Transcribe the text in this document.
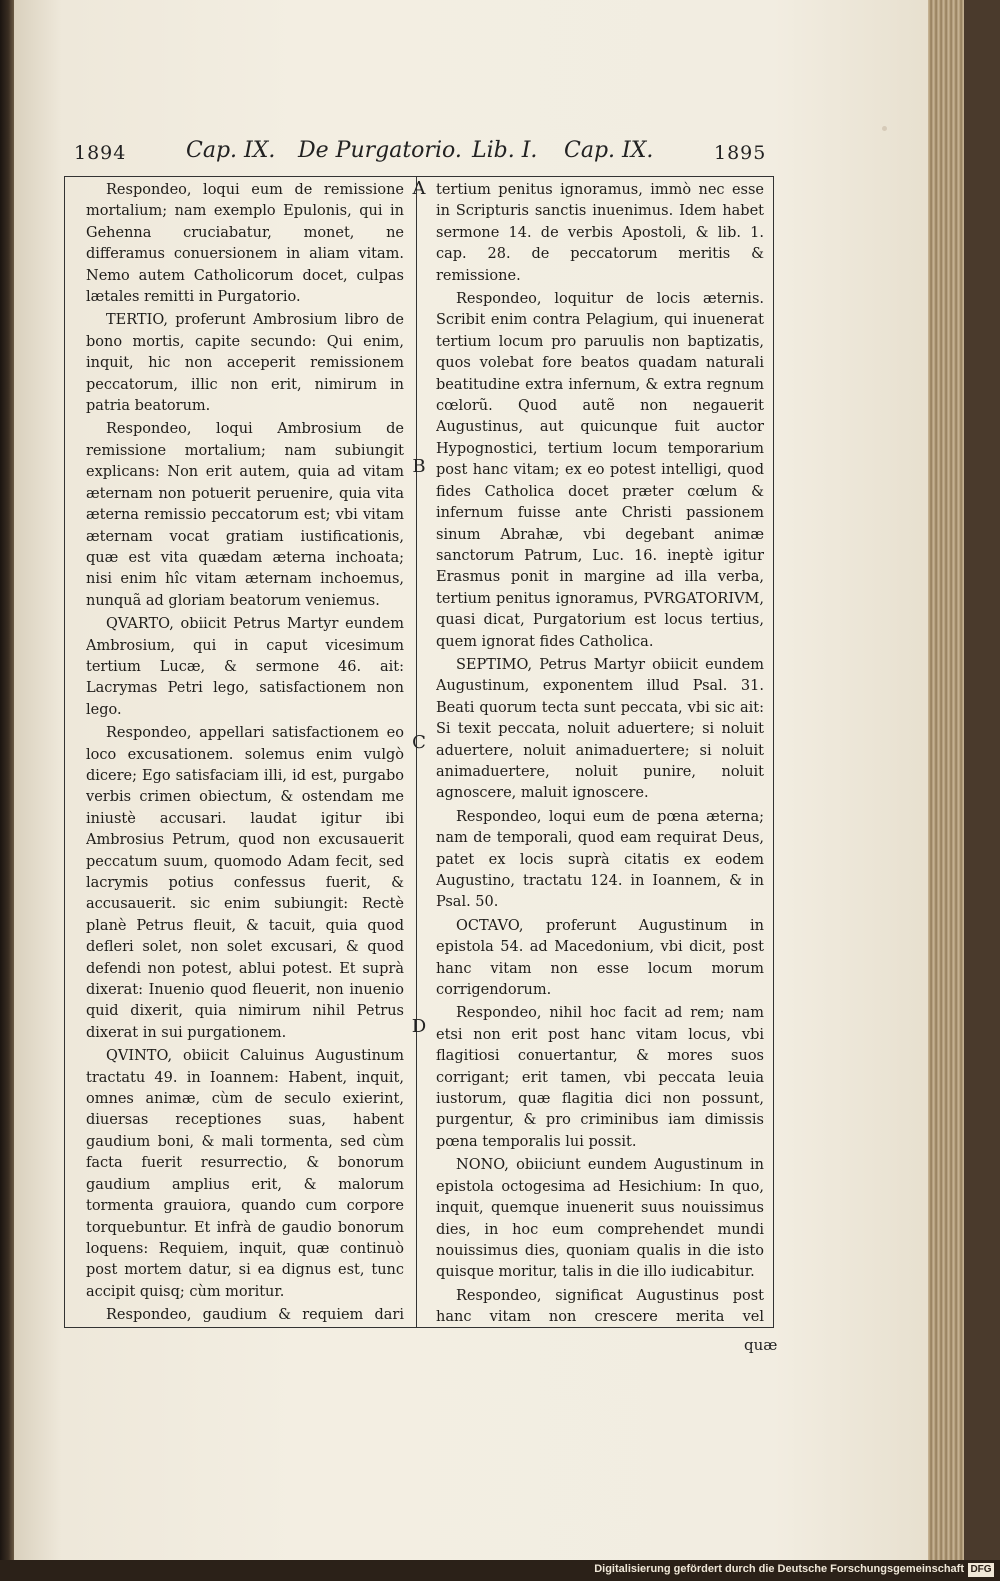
1894	Cap. IX. De Purgatorio. Lib. I. Cap. IX.	1895
A
B
C
D

Respondeo, loqui eum de remissione mortalium; nam exemplo Epulonis, qui in Gehenna cruciabatur, monet, ne differamus conuersionem in aliam vitam. Nemo autem Catholicorum docet, culpas lætales remitti in Purgatorio.

TERTIO, proferunt Ambrosium libro de bono mortis, capite secundo: Qui enim, inquit, hic non acceperit remissionem peccatorum, illic non erit, nimirum in patria beatorum.

Respondeo, loqui Ambrosium de remissione mortalium; nam subiungit explicans: Non erit autem, quia ad vitam æternam non potuerit peruenire, quia vita æterna remissio peccatorum est; vbi vitam æternam vocat gratiam iustificationis, quæ est vita quædam æterna inchoata; nisi enim hîc vitam æternam inchoemus, nunquã ad gloriam beatorum veniemus.

QVARTO, obiicit Petrus Martyr eundem Ambrosium, qui in caput vicesimum tertium Lucæ, & sermone 46. ait: Lacrymas Petri lego, satisfactionem non lego.

Respondeo, appellari satisfactionem eo loco excusationem. solemus enim vulgò dicere; Ego satisfaciam illi, id est, purgabo verbis crimen obiectum, & ostendam me iniustè accusari. laudat igitur ibi Ambrosius Petrum, quod non excusauerit peccatum suum, quomodo Adam fecit, sed lacrymis potius confessus fuerit, & accusauerit. sic enim subiungit: Rectè planè Petrus fleuit, & tacuit, quia quod defleri solet, non solet excusari, & quod defendi non potest, ablui potest. Et suprà dixerat: Inuenio quod fleuerit, non inuenio quid dixerit, quia nimirum nihil Petrus dixerat in sui purgationem.

QVINTO, obiicit Caluinus Augustinum tractatu 49. in Ioannem: Habent, inquit, omnes animæ, cùm de seculo exierint, diuersas receptiones suas, habent gaudium boni, & mali tormenta, sed cùm facta fuerit resurrectio, & bonorum gaudium amplius erit, & malorum tormenta grauiora, quando cum corpore torquebuntur. Et infrà de gaudio bonorum loquens: Requiem, inquit, quæ continuò post mortem datur, si ea dignus est, tunc accipit quisq; cùm moritur.

Respondeo, gaudium & requiem dari

tertium penitus ignoramus, immò nec esse in Scripturis sanctis inuenimus. Idem habet sermone 14. de verbis Apostoli, & lib. 1. cap. 28. de peccatorum meritis & remissione.

Respondeo, loquitur de locis æternis. Scribit enim contra Pelagium, qui inuenerat tertium locum pro paruulis non baptizatis, quos volebat fore beatos quadam naturali beatitudine extra infernum, & extra regnum cœlorũ. Quod autẽ non negauerit Augustinus, aut quicunque fuit auctor Hypognostici, tertium locum temporarium post hanc vitam; ex eo potest intelligi, quod fides Catholica docet præter cœlum & infernum fuisse ante Christi passionem sinum Abrahæ, vbi degebant animæ sanctorum Patrum, Luc. 16. ineptè igitur Erasmus ponit in margine ad illa verba, tertium penitus ignoramus, PVRGATORIVM, quasi dicat, Purgatorium est locus tertius, quem ignorat fides Catholica.

SEPTIMO, Petrus Martyr obiicit eundem Augustinum, exponentem illud Psal. 31. Beati quorum tecta sunt peccata, vbi sic ait: Si texit peccata, noluit aduertere; si noluit aduertere, noluit animaduertere; si noluit animaduertere, noluit punire, noluit agnoscere, maluit ignoscere.

Respondeo, loqui eum de pœna æterna; nam de temporali, quod eam requirat Deus, patet ex locis suprà citatis ex eodem Augustino, tractatu 124. in Ioannem, & in Psal. 50.

OCTAVO, proferunt Augustinum in epistola 54. ad Macedonium, vbi dicit, post hanc vitam non esse locum morum corrigendorum.

Respondeo, nihil hoc facit ad rem; nam etsi non erit post hanc vitam locus, vbi flagitiosi conuertantur, & mores suos corrigant; erit tamen, vbi peccata leuia iustorum, quæ flagitia dici non possunt, purgentur, & pro criminibus iam dimissis pœna temporalis lui possit.

NONO, obiiciunt eundem Augustinum in epistola octogesima ad Hesichium: In quo, inquit, quemque inuenerit suus nouissimus dies, in hoc eum comprehendet mundi nouissimus dies, quoniam qualis in die isto quisque moritur, talis in die illo iudicabitur.

Respondeo, significat Augustinus post hanc vitam non crescere merita vel

quæ
Digitalisierung gefördert durch die Deutsche Forschungsgemeinschaft DFG
